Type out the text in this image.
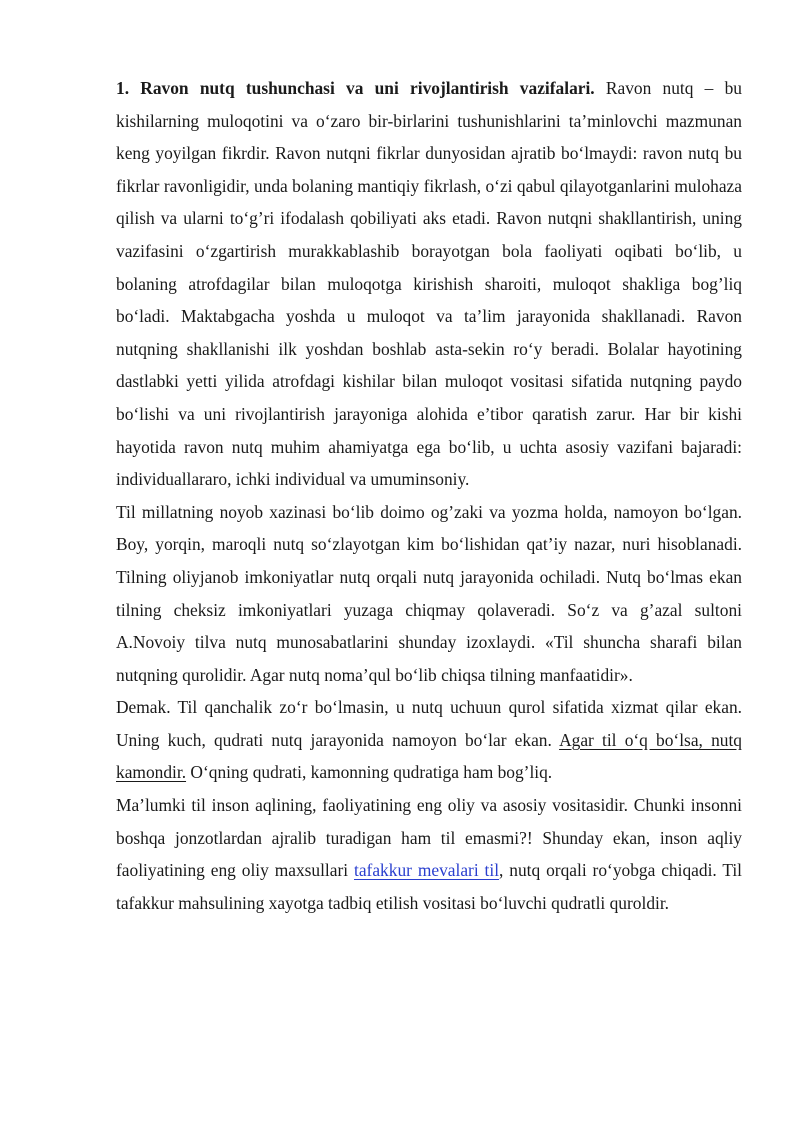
1. Ravon nutq tushunchasi va uni rivojlantirish vazifalari. Ravon nutq – bu kishilarning muloqotini va o‘zaro bir-birlarini tushunishlarini ta’minlovchi mazmunan keng yoyilgan fikrdir. Ravon nutqni fikrlar dunyosidan ajratib bo‘lmaydi: ravon nutq bu fikrlar ravonligidir, unda bolaning mantiqiy fikrlash, o‘zi qabul qilayotganlarini mulohaza qilish va ularni to‘g’ri ifodalash qobiliyati aks etadi. Ravon nutqni shakllantirish, uning vazifasini o‘zgartirish murakkablashib borayotgan bola faoliyati oqibati bo‘lib, u bolaning atrofdagilar bilan muloqotga kirishish sharoiti, muloqot shakliga bog’liq bo‘ladi. Maktabgacha yoshda u muloqot va ta’lim jarayonida shakllanadi. Ravon nutqning shakllanishi ilk yoshdan boshlab asta-sekin ro‘y beradi. Bolalar hayotining dastlabki yetti yilida atrofdagi kishilar bilan muloqot vositasi sifatida nutqning paydo bo‘lishi va uni rivojlantirish jarayoniga alohida e’tibor qaratish zarur. Har bir kishi hayotida ravon nutq muhim ahamiyatga ega bo‘lib, u uchta asosiy vazifani bajaradi: individuallararo, ichki individual va umuminsoniy.

Til millatning noyob xazinasi bo‘lib doimo og’zaki va yozma holda, namoyon bo‘lgan. Boy, yorqin, maroqli nutq so‘zlayotgan kim bo‘lishidan qat’iy nazar, nuri hisoblanadi. Tilning oliyjanob imkoniyatlar nutq orqali nutq jarayonida ochiladi. Nutq bo‘lmas ekan tilning cheksiz imkoniyatlari yuzaga chiqmay qolaveradi. So‘z va g’azal sultoni A.Novoiy tilva nutq munosabatlarini shunday izoxlaydi. «Til shuncha sharafi bilan nutqning qurolidir. Agar nutq noma’qul bo‘lib chiqsa tilning manfaatidir».

Demak. Til qanchalik zo‘r bo‘lmasin, u nutq uchuun qurol sifatida xizmat qilar ekan. Uning kuch, qudrati nutq jarayonida namoyon bo‘lar ekan. Agar til o‘q bo‘lsa, nutq kamondir. O‘qning qudrati, kamonning qudratiga ham bog’liq.

Ma’lumki til inson aqlining, faoliyatining eng oliy va asosiy vositasidir. Chunki insonni boshqa jonzotlardan ajralib turadigan ham til emasmi?! Shunday ekan, inson aqliy faoliyatining eng oliy maxsullari tafakkur mevalari til, nutq orqali ro‘yobga chiqadi. Til tafakkur mahsulining xayotga tadbiq etilish vositasi bo‘luvchi qudratli quroldir.
